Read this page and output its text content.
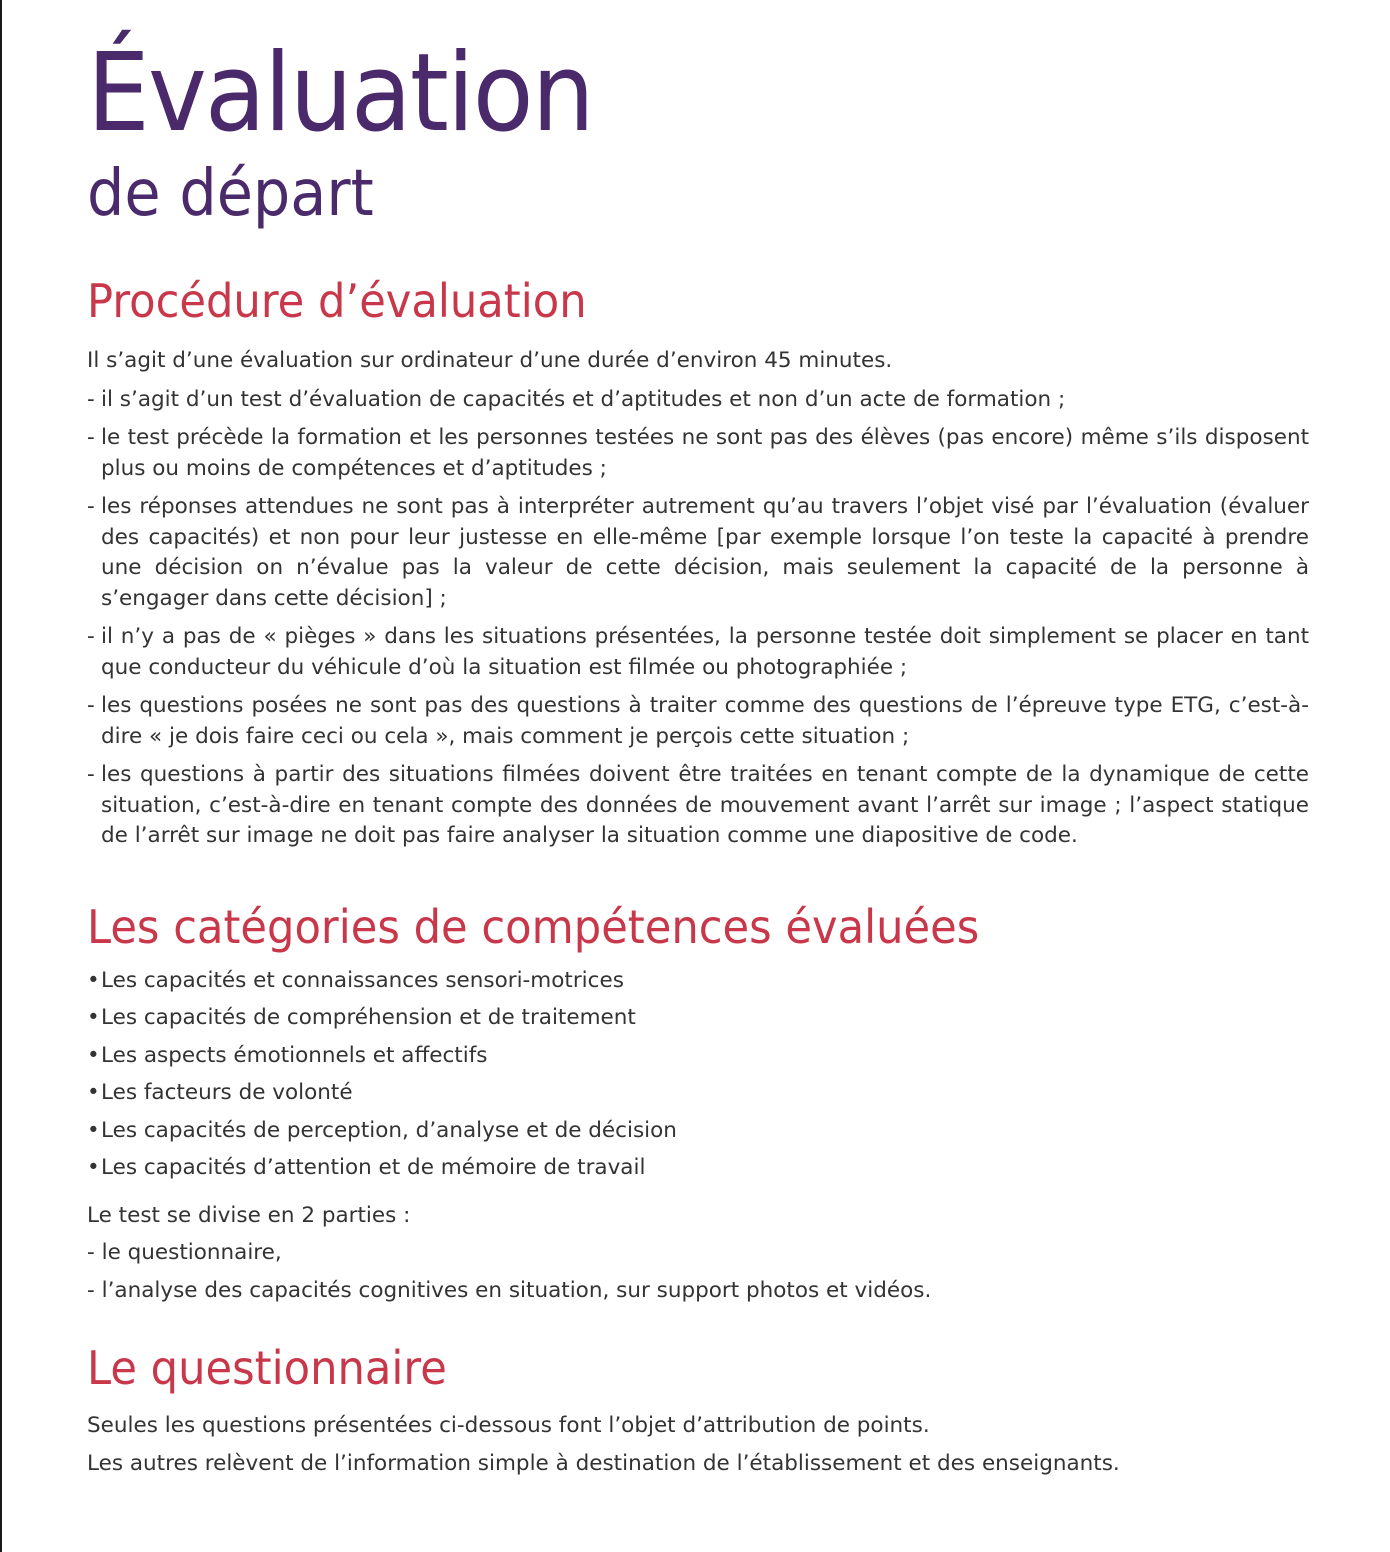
Évaluation
de départ
Procédure d’évaluation

Il s’agit d’une évaluation sur ordinateur d’une durée d’environ 45 minutes.

- il s’agit d’un test d’évaluation de capacités et d’aptitudes et non d’un acte de formation ;
- le test précède la formation et les personnes testées ne sont pas des élèves (pas encore) même s’ils disposent plus ou moins de compétences et d’aptitudes ;
- les réponses attendues ne sont pas à interpréter autrement qu’au travers l’objet visé par l’évaluation (évaluer des capacités) et non pour leur justesse en elle-même [par exemple lorsque l’on teste la capacité à prendre une décision on n’évalue pas la valeur de cette décision, mais seulement la capacité de la personne à s’engager dans cette décision] ;
- il n’y a pas de « pièges » dans les situations présentées, la personne testée doit simplement se placer en tant que conducteur du véhicule d’où la situation est filmée ou photographiée ;
- les questions posées ne sont pas des questions à traiter comme des questions de l’épreuve type ETG, c’est-à-dire « je dois faire ceci ou cela », mais comment je perçois cette situation ;
- les questions à partir des situations filmées doivent être traitées en tenant compte de la dynamique de cette situation, c’est-à-dire en tenant compte des données de mouvement avant l’arrêt sur image ; l’aspect statique de l’arrêt sur image ne doit pas faire analyser la situation comme une diapositive de code.
Les catégories de compétences évaluées
• Les capacités et connaissances sensori-motrices
• Les capacités de compréhension et de traitement
• Les aspects émotionnels et affectifs
• Les facteurs de volonté
• Les capacités de perception, d’analyse et de décision
• Les capacités d’attention et de mémoire de travail

Le test se divise en 2 parties :

- le questionnaire,

- l’analyse des capacités cognitives en situation, sur support photos et vidéos.

Le questionnaire

Seules les questions présentées ci-dessous font l’objet d’attribution de points.

Les autres relèvent de l’information simple à destination de l’établissement et des enseignants.
